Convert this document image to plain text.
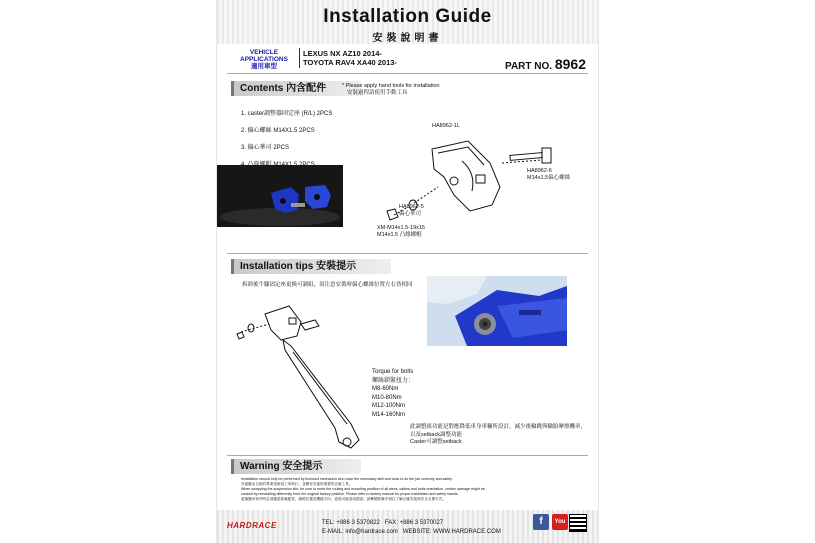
Installation Guide
安裝說明書
VEHICLE APPLICATIONS
適用車型
LEXUS NX AZ10 2014-
TOYOTA RAV4 XA40 2013-	PART NO. 8962
Contents 內含配件	* Please apply hand tools for installation
安裝過程請使用手動工具
1. caster調整器固定座 (R/L) 2PCS
2. 偏心螺絲 M14X1.5 2PCS
3. 偏心華司 2PCS
HA8962-1L
HA8962-6
M14x1.5偏心螺絲
HA8962-5
偏心華司
XM-M14x1.5-19x15
M14x1.5 凸緣螺帽
Installation tips 安裝提示
拆卸後牛腳固定座更換可調組，須注意安裝時偏心螺絲位置左右皆相同
Torque for bolts
螺絲鎖緊扭力：
M8-60Nm
M10-80Nm
M12-100Nm
M14-160Nm
此調整組功能是對應降低車身車輛所設計，減少後輪跳與輪胎摩擦機率，
以及setback調整功能
Caster可調整setback
Warning 安全提示
Installation should only be performed by licensed mechanics who have the necessary skill and tools to do the job correctly and safely.
安裝應由合格的專業技術員工來執行，並擁有安裝所需要的正確工具。
When swapping the suspension kits, be sure to route the routing and mounting position of all wires, cables and bolts orientation, certain damage might be
caused by reinstalling differently from the original factory position. Please refer to factory manual for proper installation and safety stands.
更換懸吊套件時必須確認原廠配管、線路位置及螺絲方向，更改可能造成損害。請參閱原廠手冊以了解正確安裝與安全支撐方式。
HARDRACE	TEL: +886 3 5370822 FAX: +886 3 5370027
E-MAIL: info@hardrace.com WEBSITE: WWW.HARDRACE.COM
f	You
